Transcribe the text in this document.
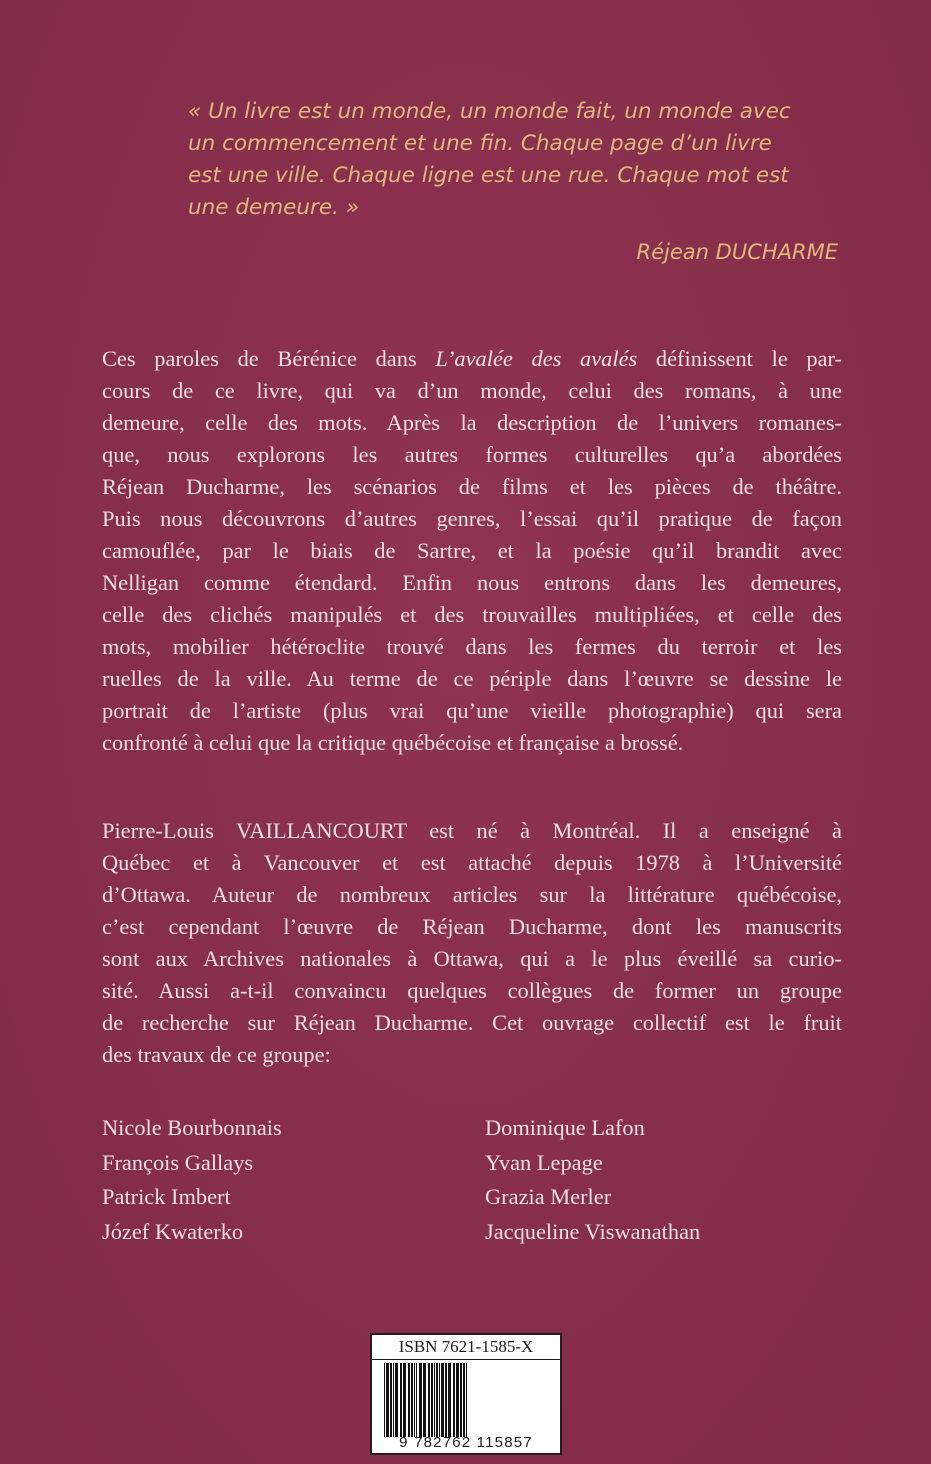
« Un livre est un monde, un monde fait, un monde avec
un commencement et une fin. Chaque page d’un livre
est une ville. Chaque ligne est une rue. Chaque mot est
une demeure. »
Réjean DUCHARME
Ces paroles de Bérénice dans L’avalée des avalés définissent le par-
cours de ce livre, qui va d’un monde, celui des romans, à une
demeure, celle des mots. Après la description de l’univers romanes-
que, nous explorons les autres formes culturelles qu’a abordées
Réjean Ducharme, les scénarios de films et les pièces de théâtre.
Puis nous découvrons d’autres genres, l’essai qu’il pratique de façon
camouflée, par le biais de Sartre, et la poésie qu’il brandit avec
Nelligan comme étendard. Enfin nous entrons dans les demeures,
celle des clichés manipulés et des trouvailles multipliées, et celle des
mots, mobilier hétéroclite trouvé dans les fermes du terroir et les
ruelles de la ville. Au terme de ce périple dans l’œuvre se dessine le
portrait de l’artiste (plus vrai qu’une vieille photographie) qui sera
confronté à celui que la critique québécoise et française a brossé.
Pierre-Louis VAILLANCOURT est né à Montréal. Il a enseigné à
Québec et à Vancouver et est attaché depuis 1978 à l’Université
d’Ottawa. Auteur de nombreux articles sur la littérature québécoise,
c’est cependant l’œuvre de Réjean Ducharme, dont les manuscrits
sont aux Archives nationales à Ottawa, qui a le plus éveillé sa curio-
sité. Aussi a-t-il convaincu quelques collègues de former un groupe
de recherche sur Réjean Ducharme. Cet ouvrage collectif est le fruit
des travaux de ce groupe:
Nicole Bourbonnais
François Gallays
Patrick Imbert
Józef Kwaterko
Dominique Lafon
Yvan Lepage
Grazia Merler
Jacqueline Viswanathan
ISBN 7621-1585-X
9 782762 115857
